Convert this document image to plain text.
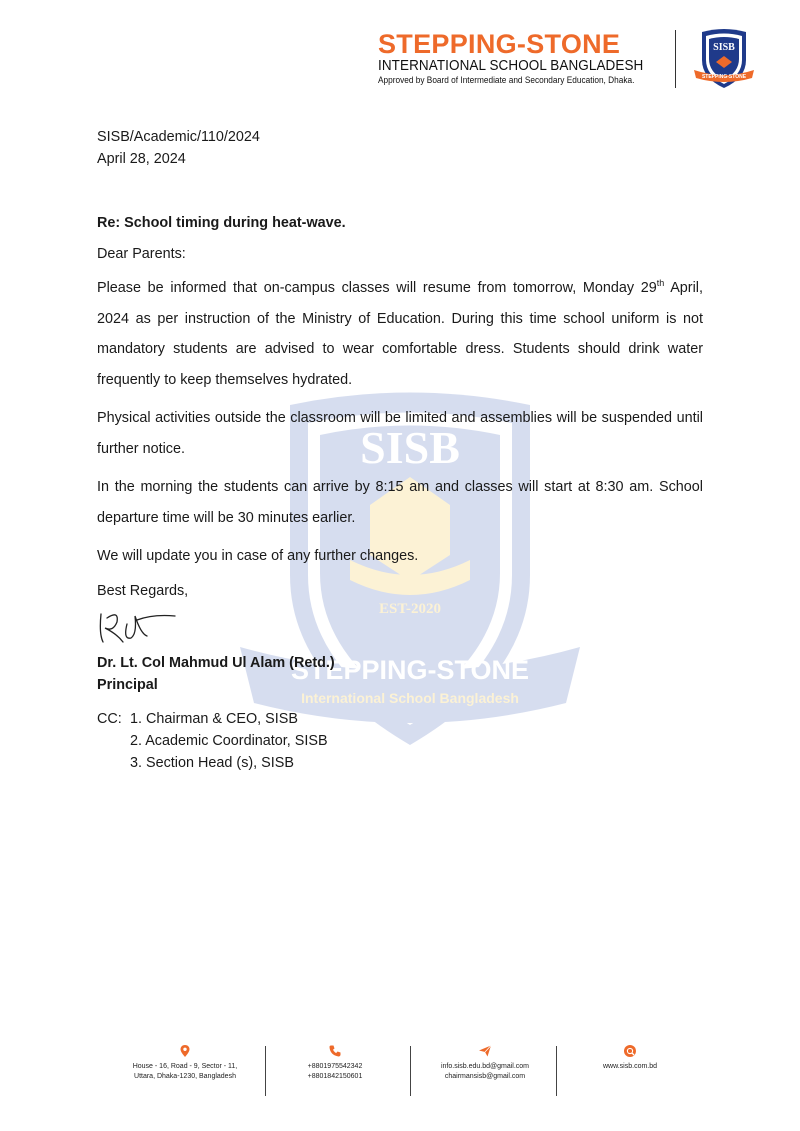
STEPPING-STONE
INTERNATIONAL SCHOOL BANGLADESH
Approved by Board of Intermediate and Secondary Education, Dhaka.
SISB
STEPPING-STONE
SISB
EST-2020
STEPPING-STONE
International School Bangladesh
SISB/Academic/110/2024
April 28, 2024
Re: School timing during heat-wave.
Dear Parents:
Please be informed that on-campus classes will resume from tomorrow, Monday 29th April, 2024 as per instruction of the Ministry of Education. During this time school uniform is not mandatory students are advised to wear comfortable dress. Students should drink water frequently to keep themselves hydrated.
Physical activities outside the classroom will be limited and assemblies will be suspended until further notice.
In the morning the students can arrive by 8:15 am and classes will start at 8:30 am. School departure time will be 30 minutes earlier.
We will update you in case of any further changes.
Best Regards,
Dr. Lt. Col Mahmud Ul Alam (Retd.)
Principal
CC: 1. Chairman & CEO, SISB
2. Academic Coordinator, SISB
3. Section Head (s), SISB
House - 16, Road - 9, Sector - 11,
Uttara, Dhaka-1230, Bangladesh
+8801975542342
+8801842150601
info.sisb.edu.bd@gmail.com
chairmansisb@gmail.com
www.sisb.com.bd
